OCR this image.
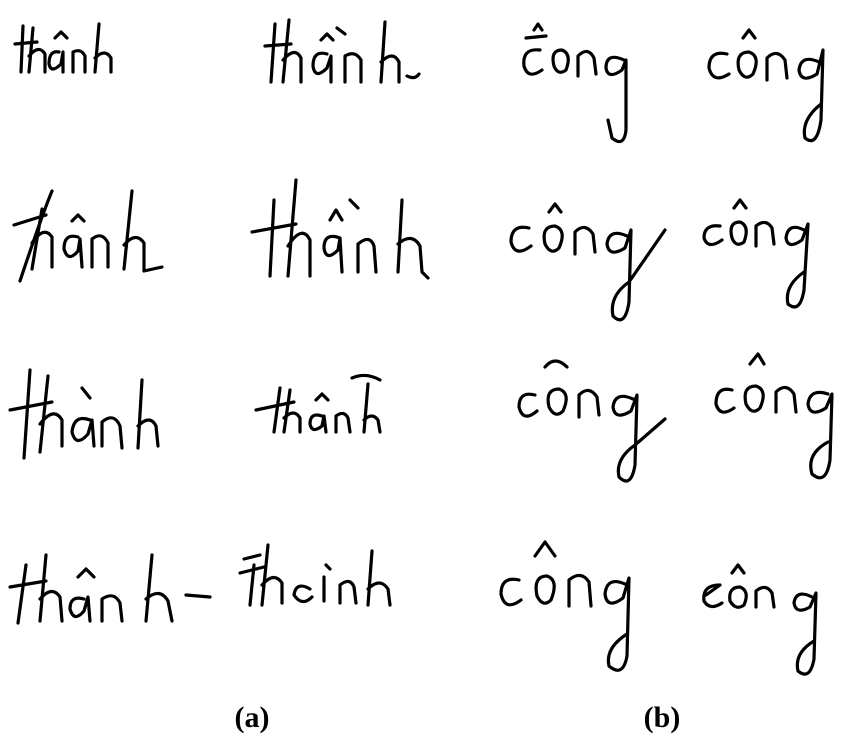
(a)	(b)
